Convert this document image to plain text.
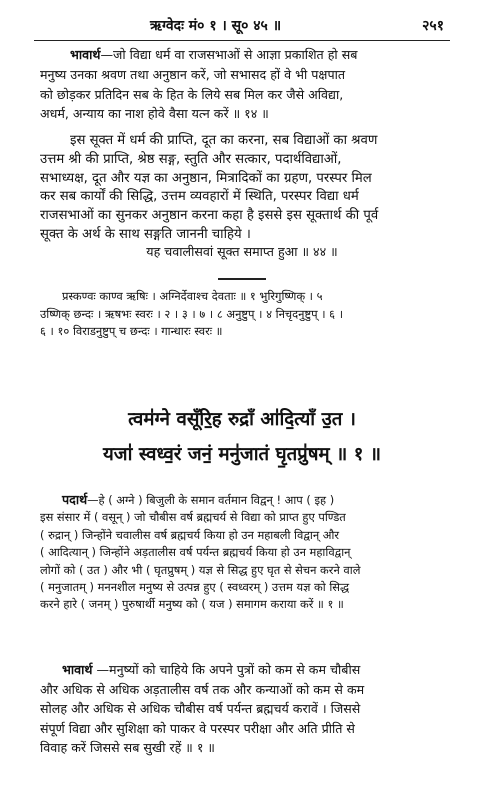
ऋग्वेदः मं० १ । सू० ४५ ॥	२५१
भावार्थ—जो विद्या धर्म वा राजसभाओं से आज्ञा प्रकाशित हो सब
मनुष्य उनका श्रवण तथा अनुष्ठान करें, जो सभासद हों वे भी पक्षपात
को छोड़कर प्रतिदिन सब के हित के लिये सब मिल कर जैसे अविद्या,
अधर्म, अन्याय का नाश होवे वैसा यत्न करें ॥ १४ ॥
इस सूक्त में धर्म की प्राप्ति, दूत का करना, सब विद्याओं का श्रवण
उत्तम श्री की प्राप्ति, श्रेष्ठ सङ्ग, स्तुति और सत्कार, पदार्थविद्याओं,
सभाध्यक्ष, दूत और यज्ञ का अनुष्ठान, मित्रादिकों का ग्रहण, परस्पर मिल
कर सब कार्यों की सिद्धि, उत्तम व्यवहारों में स्थिति, परस्पर विद्या धर्म
राजसभाओं का सुनकर अनुष्ठान करना कहा है इससे इस सूक्तार्थ की पूर्व
सूक्त के अर्थ के साथ सङ्गति जाननी चाहिये ।
यह चवालीसवां सूक्त समाप्त हुआ ॥ ४४ ॥
प्रस्कण्वः काण्व ऋषिः । अग्निर्देवाश्च देवताः ॥ १ भुरिगुष्णिक् । ५
उष्णिक् छन्दः । ऋषभः स्वरः । २ । ३ । ७ । ८ अनुष्टुप् । ४ निचृदनुष्टुप् । ६ ।
६ । १० विराडनुष्टुप् च छन्दः । गान्धारः स्वरः ॥
त्वम॑ग्ने वसूँरि॒ह रुद्राँ आ॑दि॒त्याँ उ॒त ।
यजा॑ स्वध्व॒रं जनं॒ मनु॑जातं घृ॒तप्रु॑षम् ॥ १ ॥
पदार्थ—हे ( अग्ने ) बिजुली के समान वर्तमान विद्वन् ! आप ( इह )
इस संसार में ( वसून् ) जो चौबीस वर्ष ब्रह्मचर्य से विद्या को प्राप्त हुए पण्डित
( रुद्रान् ) जिन्होंने चवालीस वर्ष ब्रह्मचर्य किया हो उन महाबली विद्वान् और
( आदित्यान् ) जिन्होंने अड़तालीस वर्ष पर्यन्त ब्रह्मचर्य किया हो उन महाविद्वान्
लोगों को ( उत ) और भी ( घृतप्रुषम् ) यज्ञ से सिद्ध हुए घृत से सेचन करने वाले
( मनुजातम् ) मननशील मनुष्य से उत्पन्न हुए ( स्वध्वरम् ) उत्तम यज्ञ को सिद्ध
करने हारे ( जनम् ) पुरुषार्थी मनुष्य को ( यज ) समागम कराया करें ॥ १ ॥
भावार्थ —मनुष्यों को चाहिये कि अपने पुत्रों को कम से कम चौबीस
और अधिक से अधिक अड़तालीस वर्ष तक और कन्याओं को कम से कम
सोलह और अधिक से अधिक चौबीस वर्ष पर्यन्त ब्रह्मचर्य करावें । जिससे
संपूर्ण विद्या और सुशिक्षा को पाकर वे परस्पर परीक्षा और अति प्रीति से
विवाह करें जिससे सब सुखी रहें ॥ १ ॥
